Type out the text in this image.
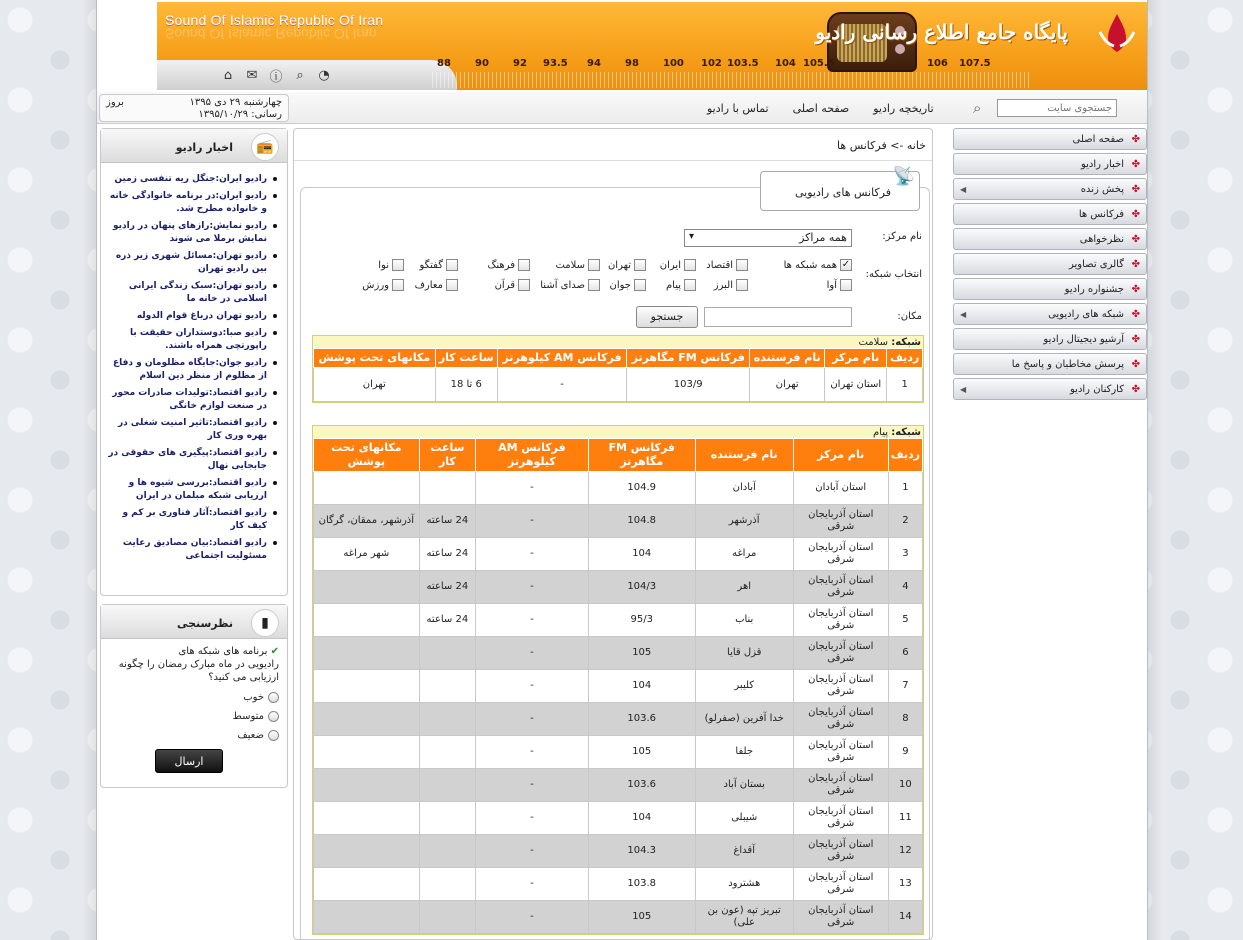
Sound Of Islamic Republic Of Iran
Sound Of Islamic Republic Of Iran	پایگاه جامع اطلاع رسانی رادیو
88 90 92 93.5 94 98 100 102 103.5 104 105.5	106 107.5
⌂	✉ ⓘ	⌕	◔
چهارشنبه ۲۹ دی ۱۳۹۵
بروز
رسانی: ۱۳۹۵/۱۰/۲۹	تاریخچه رادیو
صفحه اصلی
تماس با رادیو	⌕
جستجوی سایت
📻
اخبار رادیو
رادیو ایران:جنگل ریه تنفسی زمین
رادیو ایران:در برنامه خانوادگی خانه و خانواده مطرح شد.
رادیو نمایش:رازهای پنهان در رادیو نمایش برملا می شوند
رادیو تهران:مسائل شهری زیر ذره بین رادیو تهران
رادیو تهران:سبک زندگی ایرانی اسلامی در خانه ما
رادیو تهران درباغ قوام الدوله
رادیو صبا:دوستداران حقیقت با راپورتچی همراه باشند.
رادیو جوان:جایگاه مظلومان و دفاع از مظلوم از منظر دین اسلام
رادیو اقتصاد:تولیدات صادرات محور در صنعت لوازم خانگی
رادیو اقتصاد:تاثیر امنیت شغلی در بهره وری کار
رادیو اقتصاد:پیگیری های حقوقی در جابجایی نهال
رادیو اقتصاد:بررسی شیوه ها و ارزیابی شبکه مبلمان در ایران
رادیو اقتصاد:آثار فناوری بر کم و کیف کار
رادیو اقتصاد:بیان مصادیق رعایت مسئولیت اجتماعی
▮
نظرسنجی
✔ برنامه های شبکه های
رادیویی در ماه مبارک رمضان را چگونه ارزیابی می کنید؟
خوب
متوسط
ضعیف
ارسال
خانه -> فرکانس ها
📡
فرکانس های رادیویی
نام مرکز:
همه مراکز ▾
انتخاب شبکه:
✓
همه شبکه ها
اقتصاد
ایران
تهران
سلامت
فرهنگ
گفتگو
نوا
آوا
البرز
پیام
جوان
صدای آشنا
قرآن
معارف
ورزش
مکان:
جستجو
شبکه: سلامت
ردیف	نام مرکز	نام فرستنده	فرکانس FM مگاهرتز	فرکانس AM کیلوهرتز	ساعت کار	مکانهای تحت پوشش
1	استان تهران	تهران	103/9	-	6 تا 18	تهران
شبکه: پیام
ردیف	نام مرکز	نام فرستنده	فرکانس FM مگاهرتز	فرکانس AM کیلوهرتز	ساعت کار	مکانهای تحت پوشش
1	استان آبادان	آبادان	104.9	-		
2	استان آذربایجان شرقی	آذرشهر	104.8	-	24 ساعته	آذرشهر، ممقان، گرگان
3	استان آذربایجان شرقی	مراغه	104	-	24 ساعته	شهر مراغه
4	استان آذربایجان شرقی	اهر	104/3	-	24 ساعته	
5	استان آذربایجان شرقی	بناب	95/3	-	24 ساعته	
6	استان آذربایجان شرقی	قزل قایا	105	-		
7	استان آذربایجان شرقی	کلیبر	104	-		
8	استان آذربایجان شرقی	خدا آفرین (صفرلو)	103.6	-		
9	استان آذربایجان شرقی	جلفا	105	-		
10	استان آذربایجان شرقی	بستان آباد	103.6	-		
11	استان آذربایجان شرقی	شیبلی	104	-		
12	استان آذربایجان شرقی	آقداغ	104.3	-		
13	استان آذربایجان شرقی	هشترود	103.8	-		
14	استان آذربایجان شرقی	تبریز تپه (عون بن علی)	105	-		
✤
صفحه اصلی
✤
اخبار رادیو
✤
پخش زنده
◀
✤
فرکانس ها
✤
نظرخواهی
✤
گالری تصاویر
✤
جشنواره رادیو
✤
شبکه های رادیویی
◀
✤
آرشیو دیجیتال رادیو
✤
پرسش مخاطبان و پاسخ ما
✤
کارکنان رادیو
◀
